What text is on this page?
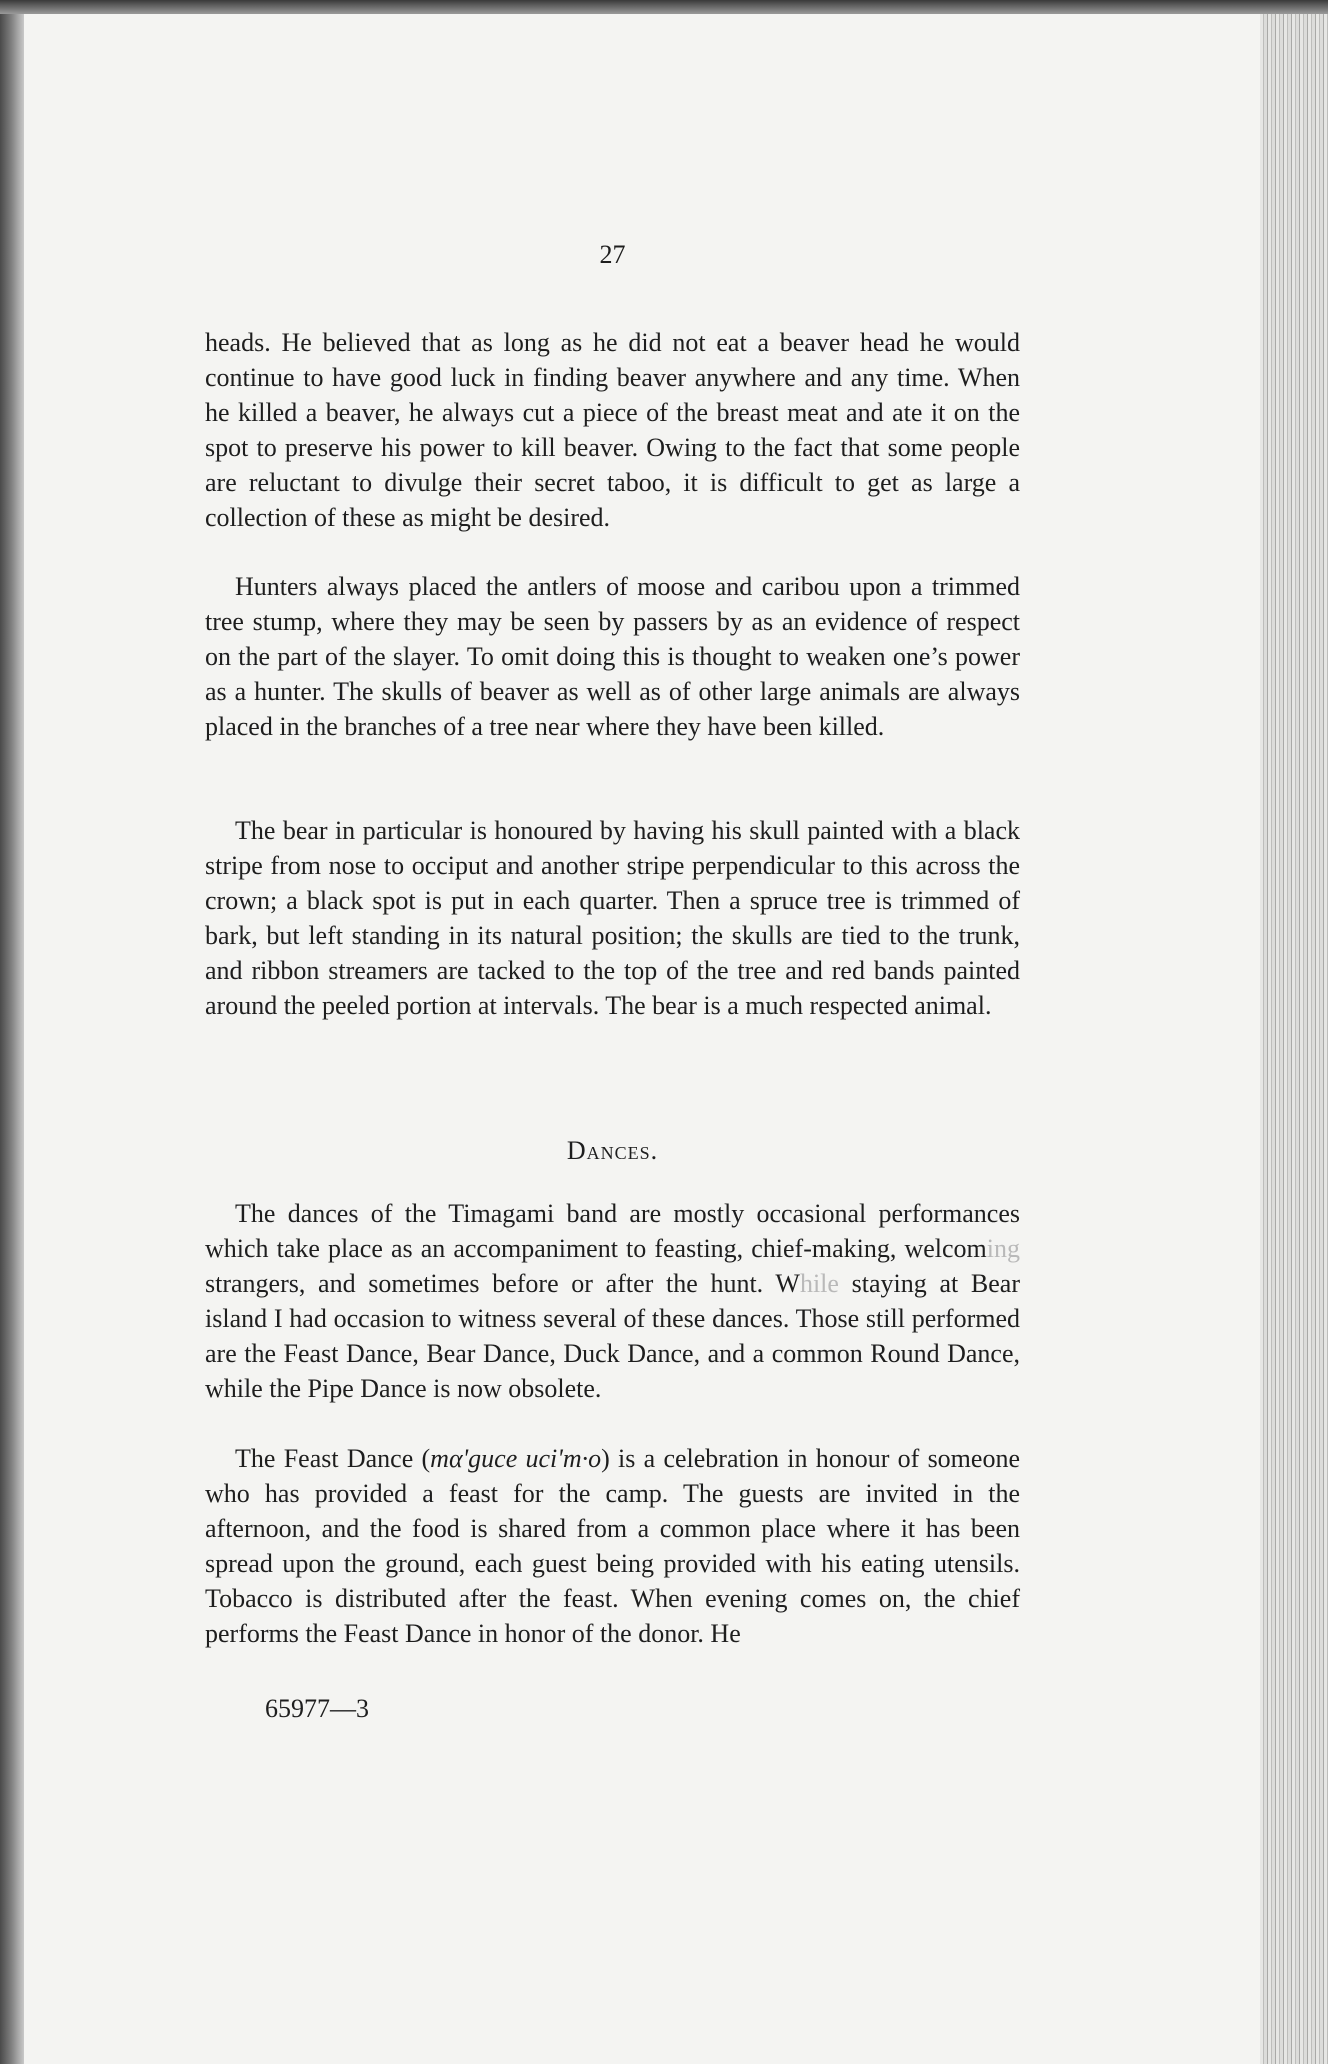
27

heads. He believed that as long as he did not eat a beaver head he would continue to have good luck in finding beaver anywhere and any time. When he killed a beaver, he always cut a piece of the breast meat and ate it on the spot to preserve his power to kill beaver. Owing to the fact that some people are reluctant to divulge their secret taboo, it is difficult to get as large a collection of these as might be desired.

Hunters always placed the antlers of moose and caribou upon a trimmed tree stump, where they may be seen by passers by as an evidence of respect on the part of the slayer. To omit doing this is thought to weaken one’s power as a hunter. The skulls of beaver as well as of other large animals are always placed in the branches of a tree near where they have been killed.

The bear in particular is honoured by having his skull painted with a black stripe from nose to occiput and another stripe perpendicular to this across the crown; a black spot is put in each quarter. Then a spruce tree is trimmed of bark, but left standing in its natural position; the skulls are tied to the trunk, and ribbon streamers are tacked to the top of the tree and red bands painted around the peeled portion at intervals. The bear is a much respected animal.

Dances.

The dances of the Timagami band are mostly occasional performances which take place as an accompaniment to feasting, chief-making, welcoming strangers, and sometimes before or after the hunt. While staying at Bear island I had occasion to witness several of these dances. Those still performed are the Feast Dance, Bear Dance, Duck Dance, and a common Round Dance, while the Pipe Dance is now obsolete.

The Feast Dance (mα'guce uci'm·o) is a celebration in honour of someone who has provided a feast for the camp. The guests are invited in the afternoon, and the food is shared from a common place where it has been spread upon the ground, each guest being provided with his eating utensils. Tobacco is distributed after the feast. When evening comes on, the chief performs the Feast Dance in honor of the donor. He

65977—3
